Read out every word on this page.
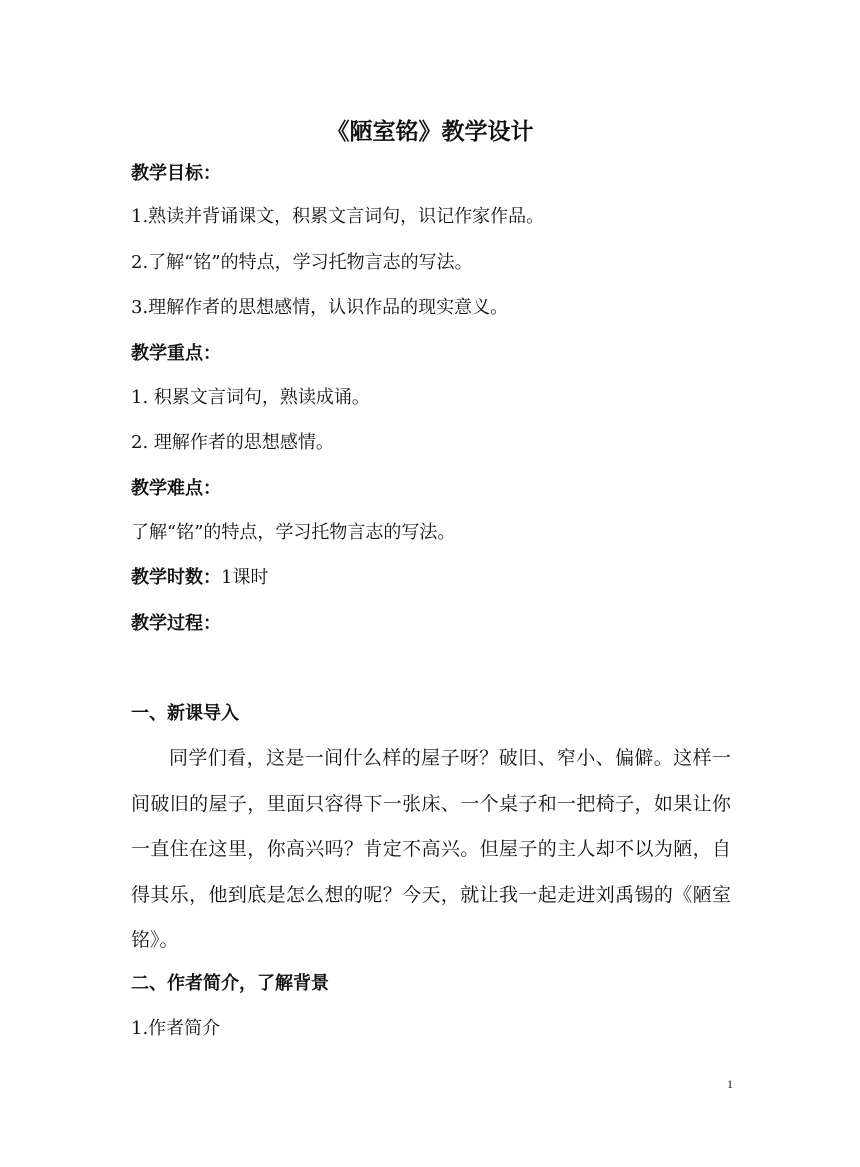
《陋室铭》教学设计
教学目标：
1.熟读并背诵课文，积累文言词句，识记作家作品。
2.了解“铭”的特点，学习托物言志的写法。
3.理解作者的思想感情，认识作品的现实意义。
教学重点：
1. 积累文言词句，熟读成诵。
2. 理解作者的思想感情。
教学难点：
了解“铭”的特点，学习托物言志的写法。
教学时数：1课时
教学过程：
一、新课导入
同学们看，这是一间什么样的屋子呀？破旧、窄小、偏僻。这样一间破旧的屋子，里面只容得下一张床、一个桌子和一把椅子，如果让你一直住在这里，你高兴吗？肯定不高兴。但屋子的主人却不以为陋，自得其乐，他到底是怎么想的呢？今天，就让我一起走进刘禹锡的《陋室铭》。
二、作者简介，了解背景
1.作者简介
1
